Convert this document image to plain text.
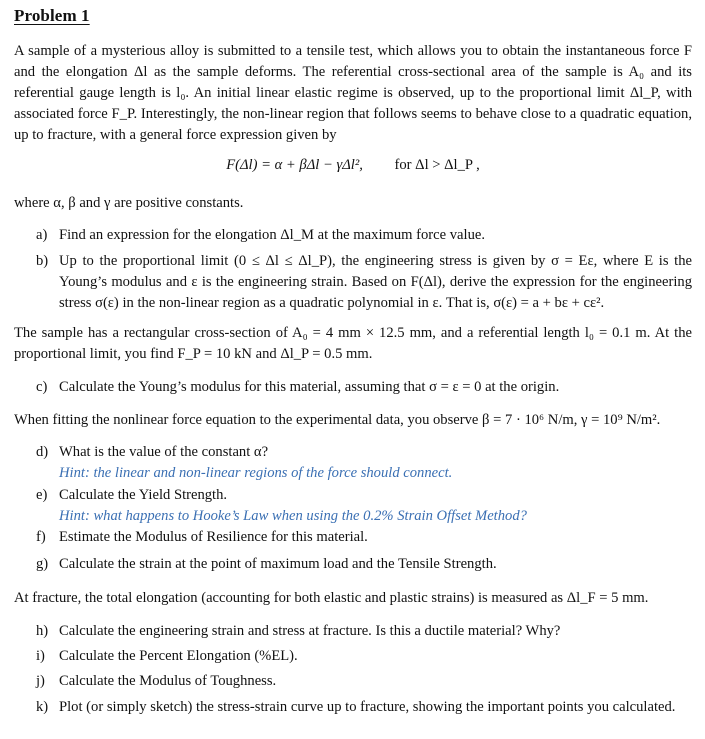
Problem 1

A sample of a mysterious alloy is submitted to a tensile test, which allows you to obtain the instantaneous force F and the elongation Δl as the sample deforms. The referential cross-sectional area of the sample is A₀ and its referential gauge length is l₀. An initial linear elastic regime is observed, up to the proportional limit Δl_P, with associated force F_P. Interestingly, the non-linear region that follows seems to behave close to a quadratic equation, up to fracture, with a general force expression given by

F(Δl) = α + βΔl − γΔl², for Δl > Δl_P ,

where α, β and γ are positive constants.

a) Find an expression for the elongation Δl_M at the maximum force value.
b) Up to the proportional limit (0 ≤ Δl ≤ Δl_P), the engineering stress is given by σ = Eε, where E is the Young’s modulus and ε is the engineering strain. Based on F(Δl), derive the expression for the engineering stress σ(ε) in the non-linear region as a quadratic polynomial in ε. That is, σ(ε) = a + bε + cε².

The sample has a rectangular cross-section of A₀ = 4 mm × 12.5 mm, and a referential length l₀ = 0.1 m. At the proportional limit, you find F_P = 10 kN and Δl_P = 0.5 mm.

c) Calculate the Young’s modulus for this material, assuming that σ = ε = 0 at the origin.

When fitting the nonlinear force equation to the experimental data, you observe β = 7 · 10⁶ N/m, γ = 10⁹ N/m².

d) What is the value of the constant α?
Hint: the linear and non-linear regions of the force should connect.
e) Calculate the Yield Strength.
Hint: what happens to Hooke’s Law when using the 0.2% Strain Offset Method?
f) Estimate the Modulus of Resilience for this material.
g) Calculate the strain at the point of maximum load and the Tensile Strength.

At fracture, the total elongation (accounting for both elastic and plastic strains) is measured as Δl_F = 5 mm.

h) Calculate the engineering strain and stress at fracture. Is this a ductile material? Why?
i) Calculate the Percent Elongation (%EL).
j) Calculate the Modulus of Toughness.
k) Plot (or simply sketch) the stress-strain curve up to fracture, showing the important points you calculated.
